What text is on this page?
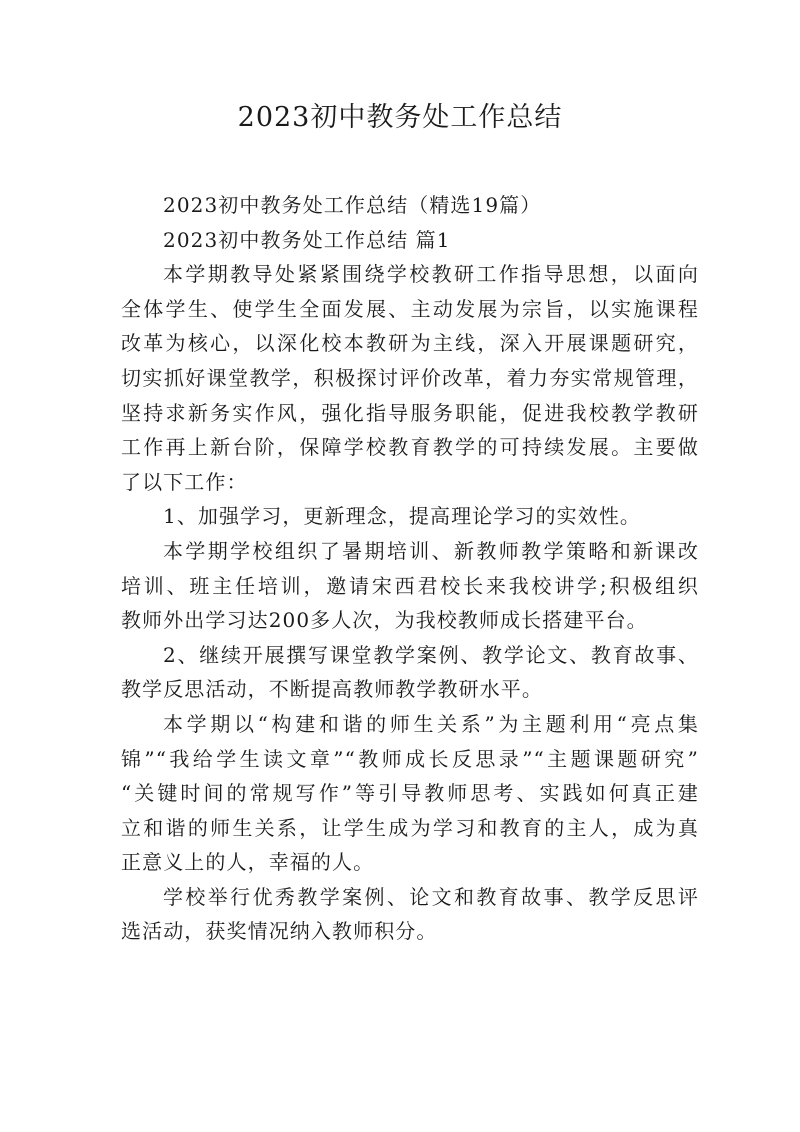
2023初中教务处工作总结
2023初中教务处工作总结（精选19篇）
2023初中教务处工作总结 篇1
本学期教导处紧紧围绕学校教研工作指导思想，以面向
全体学生、使学生全面发展、主动发展为宗旨，以实施课程
改革为核心，以深化校本教研为主线，深入开展课题研究，
切实抓好课堂教学，积极探讨评价改革，着力夯实常规管理，
坚持求新务实作风，强化指导服务职能，促进我校教学教研
工作再上新台阶，保障学校教育教学的可持续发展。主要做
了以下工作：
1、加强学习，更新理念，提高理论学习的实效性。
本学期学校组织了暑期培训、新教师教学策略和新课改
培训、班主任培训，邀请宋西君校长来我校讲学;积极组织
教师外出学习达200多人次，为我校教师成长搭建平台。
2、继续开展撰写课堂教学案例、教学论文、教育故事、
教学反思活动，不断提高教师教学教研水平。
本学期以“构建和谐的师生关系”为主题利用“亮点集
锦”“我给学生读文章”“教师成长反思录”“主题课题研究”
“关键时间的常规写作”等引导教师思考、实践如何真正建
立和谐的师生关系，让学生成为学习和教育的主人，成为真
正意义上的人，幸福的人。
学校举行优秀教学案例、论文和教育故事、教学反思评
选活动，获奖情况纳入教师积分。
